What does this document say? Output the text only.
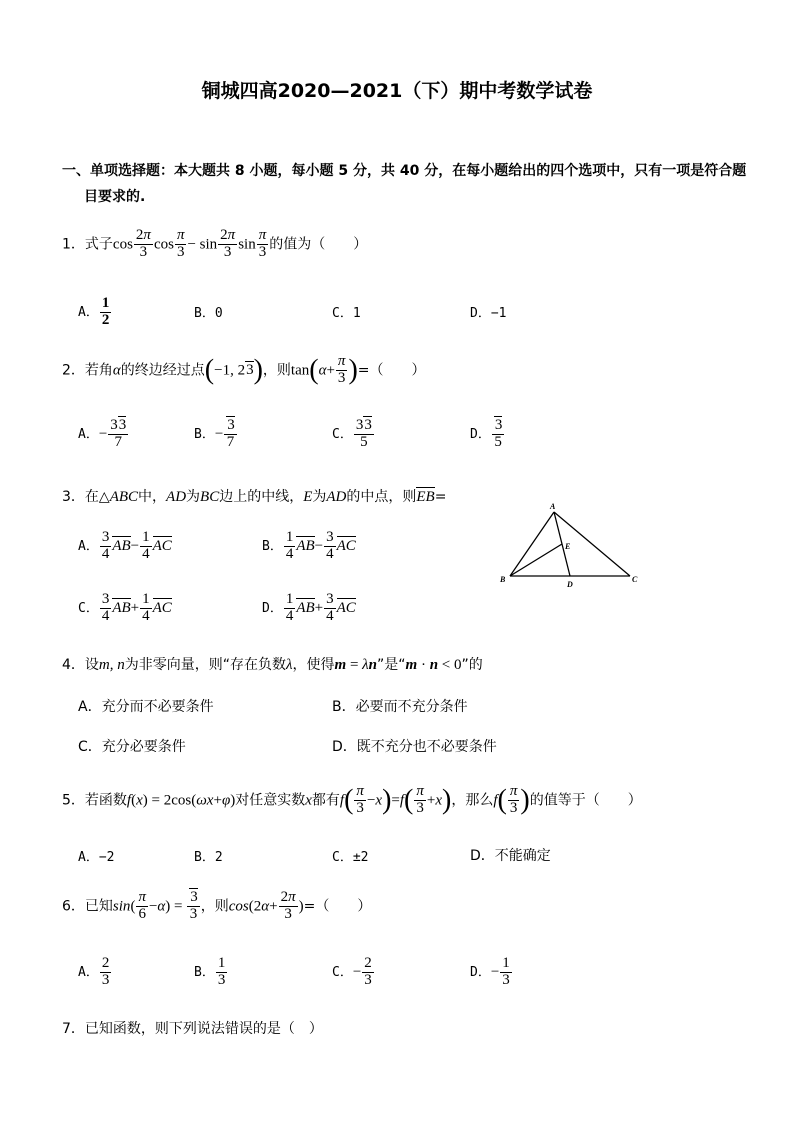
铜城四高2020—2021（下）期中考数学试卷
一、单项选择题：本大题共 8 小题，每小题 5 分，共 40 分，在每小题给出的四个选项中，只有一项是符合题
目要求的.
1．式子$\cos \frac{2\pi}{3}$ $\cos \frac{\pi}{3} - \sin \frac{2\pi}{3}$ $\sin \frac{\pi}{3}$ 的值为（　　）
A． $\frac{1}{2}$	B．0	C．1	D．−1
2．若角α的终边经过点(−1, 23)，则$\tan(\alpha+ \frac{\pi}{3}$ )=（　　）
A．− $\frac{33}{7}$	B．− $\frac{3}{7}$	C． $\frac{33}{5}$	D． $\frac{3}{5}$
3．在△ABC中，AD为BC边上的中线，E为AD的中点，则EB=
A． $\frac{3}{4} AB- \frac{1}{4}$ AC	B． $\frac{1}{4} AB- \frac{3}{4}$ AC
C． $\frac{3}{4} AB+ \frac{1}{4}$ AC	D． $\frac{1}{4} AB+ \frac{3}{4}$ AC
A
B	C
D
E
4．设m, n为非零向量，则“存在负数λ，使得m = λn”是“m · n < 0”的
A．充分而不必要条件	B．必要而不充分条件
C．充分必要条件	D．既不充分也不必要条件
5．若函数f(x) = 2cos(ωx+φ)对任意实数x都有$f( \frac{\pi}{3} -x)=f( \frac{\pi}{3} +x)$，那么$f( \frac{\pi}{3}$ )的值等于（　　）
A．−2	B．2	C．±2	D．不能确定
6．已知$\sin( \frac{\pi}{6} -\alpha) = \frac{3}{3}$ ，则$\cos(2\alpha+ \frac{2\pi}{3}$ )=（　　）
A． $\frac{2}{3}$	B． $\frac{1}{3}$	C．− $\frac{2}{3}$	D．− $\frac{1}{3}$
7．已知函数，则下列说法错误的是（　）
